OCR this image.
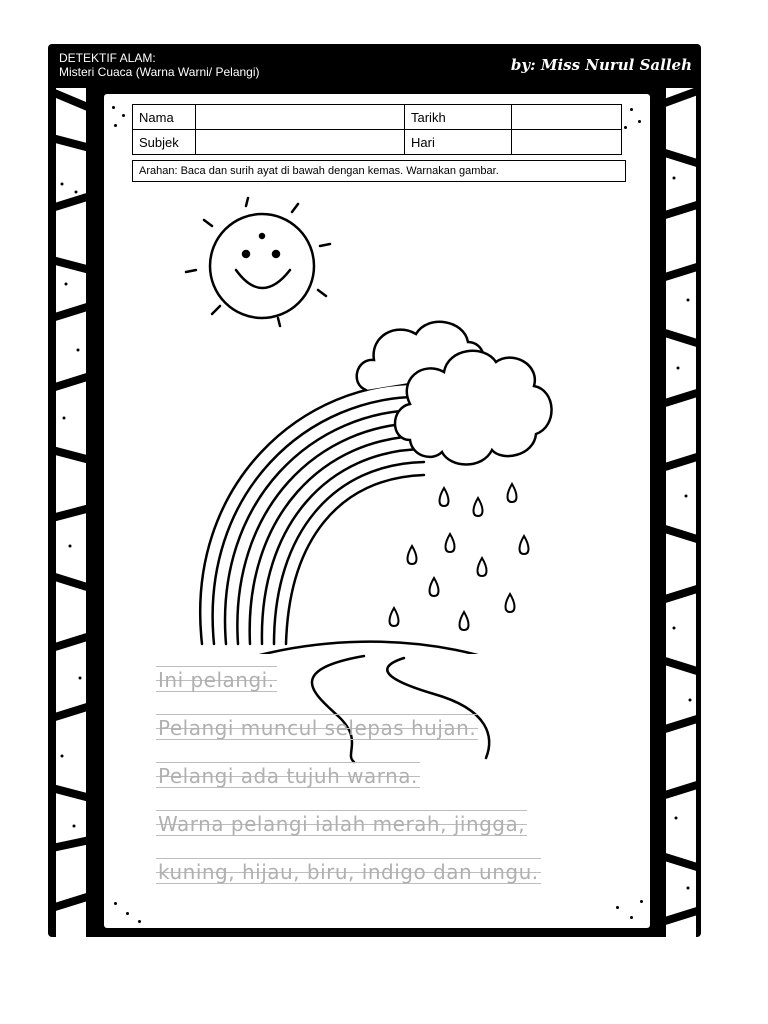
DETEKTIF ALAM:
Misteri Cuaca (Warna Warni/ Pelangi)	by: Miss Nurul Salleh
Nama		Tarikh	
Subjek		Hari	
Arahan: Baca dan surih ayat di bawah dengan kemas. Warnakan gambar.
Ini pelangi.
Pelangi muncul selepas hujan.
Pelangi ada tujuh warna.
Warna pelangi ialah merah, jingga,
kuning, hijau, biru, indigo dan ungu.
